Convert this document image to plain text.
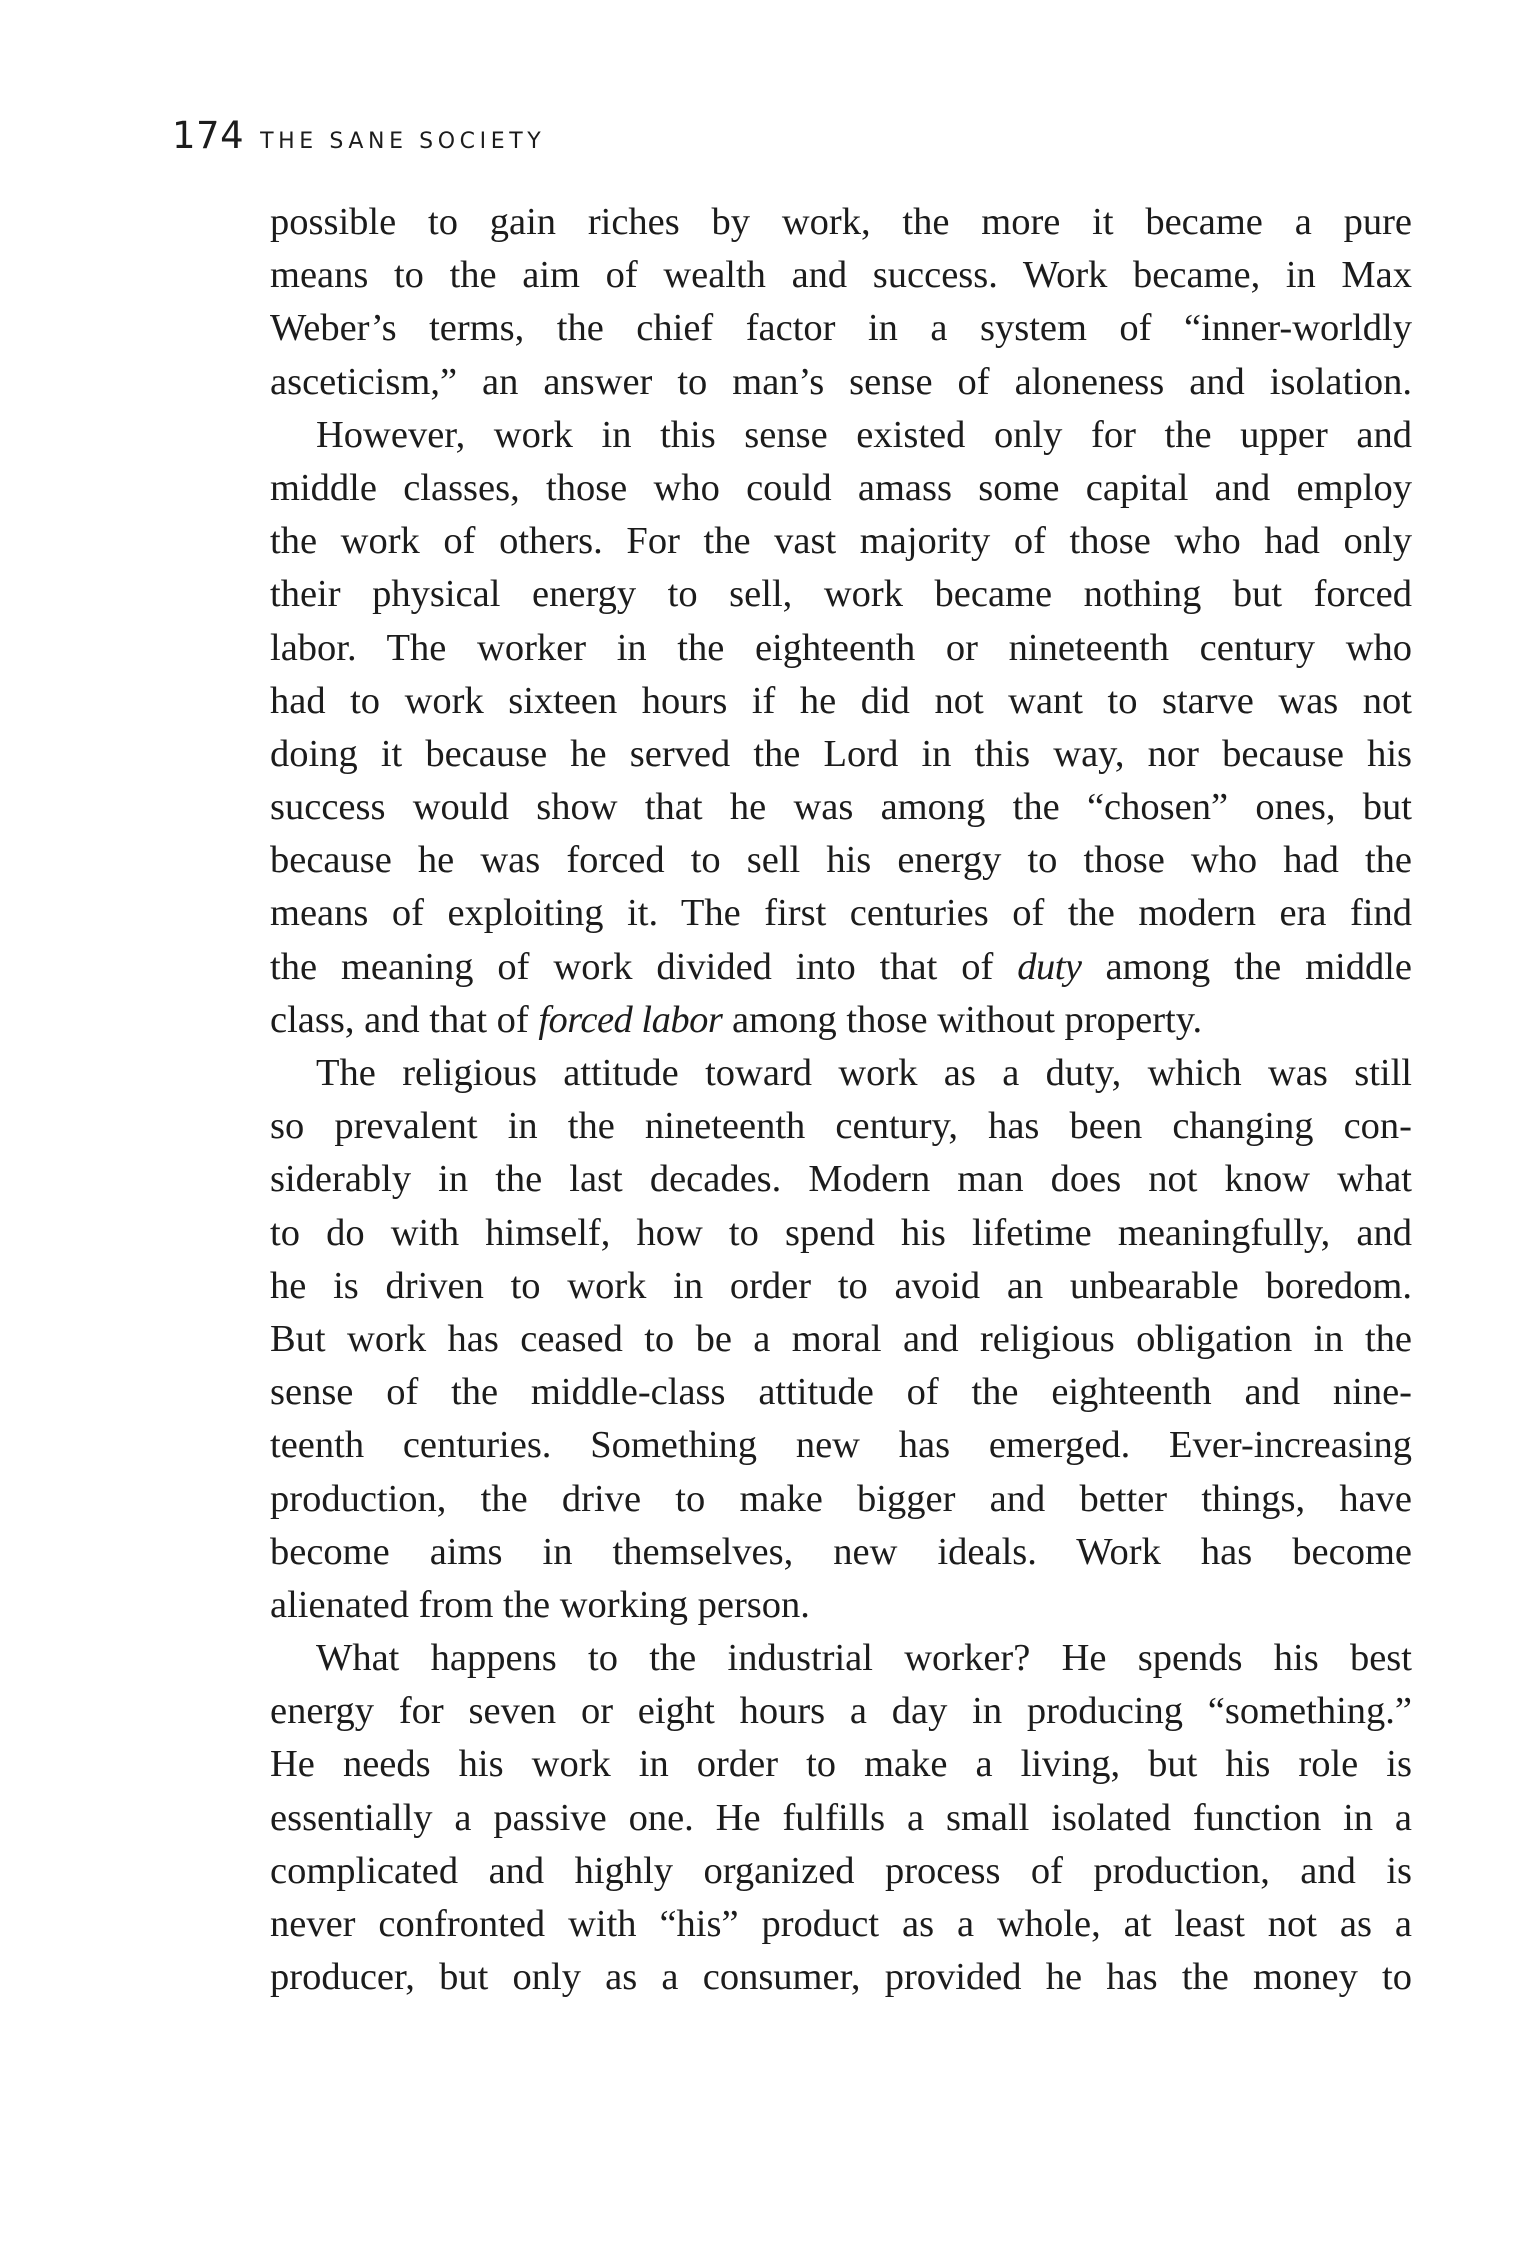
174 THE SANE SOCIETY
possible to gain riches by work, the more it became a pure
means to the aim of wealth and success. Work became, in Max
Weber’s terms, the chief factor in a system of “inner-worldly
asceticism,” an answer to man’s sense of aloneness and isolation.
However, work in this sense existed only for the upper and
middle classes, those who could amass some capital and employ
the work of others. For the vast majority of those who had only
their physical energy to sell, work became nothing but forced
labor. The worker in the eighteenth or nineteenth century who
had to work sixteen hours if he did not want to starve was not
doing it because he served the Lord in this way, nor because his
success would show that he was among the “chosen” ones, but
because he was forced to sell his energy to those who had the
means of exploiting it. The first centuries of the modern era find
the meaning of work divided into that of duty among the middle
class, and that of forced labor among those without property.
The religious attitude toward work as a duty, which was still
so prevalent in the nineteenth century, has been changing con-
siderably in the last decades. Modern man does not know what
to do with himself, how to spend his lifetime meaningfully, and
he is driven to work in order to avoid an unbearable boredom.
But work has ceased to be a moral and religious obligation in the
sense of the middle-class attitude of the eighteenth and nine-
teenth centuries. Something new has emerged. Ever-increasing
production, the drive to make bigger and better things, have
become aims in themselves, new ideals. Work has become
alienated from the working person.
What happens to the industrial worker? He spends his best
energy for seven or eight hours a day in producing “something.”
He needs his work in order to make a living, but his role is
essentially a passive one. He fulfills a small isolated function in a
complicated and highly organized process of production, and is
never confronted with “his” product as a whole, at least not as a
producer, but only as a consumer, provided he has the money to
